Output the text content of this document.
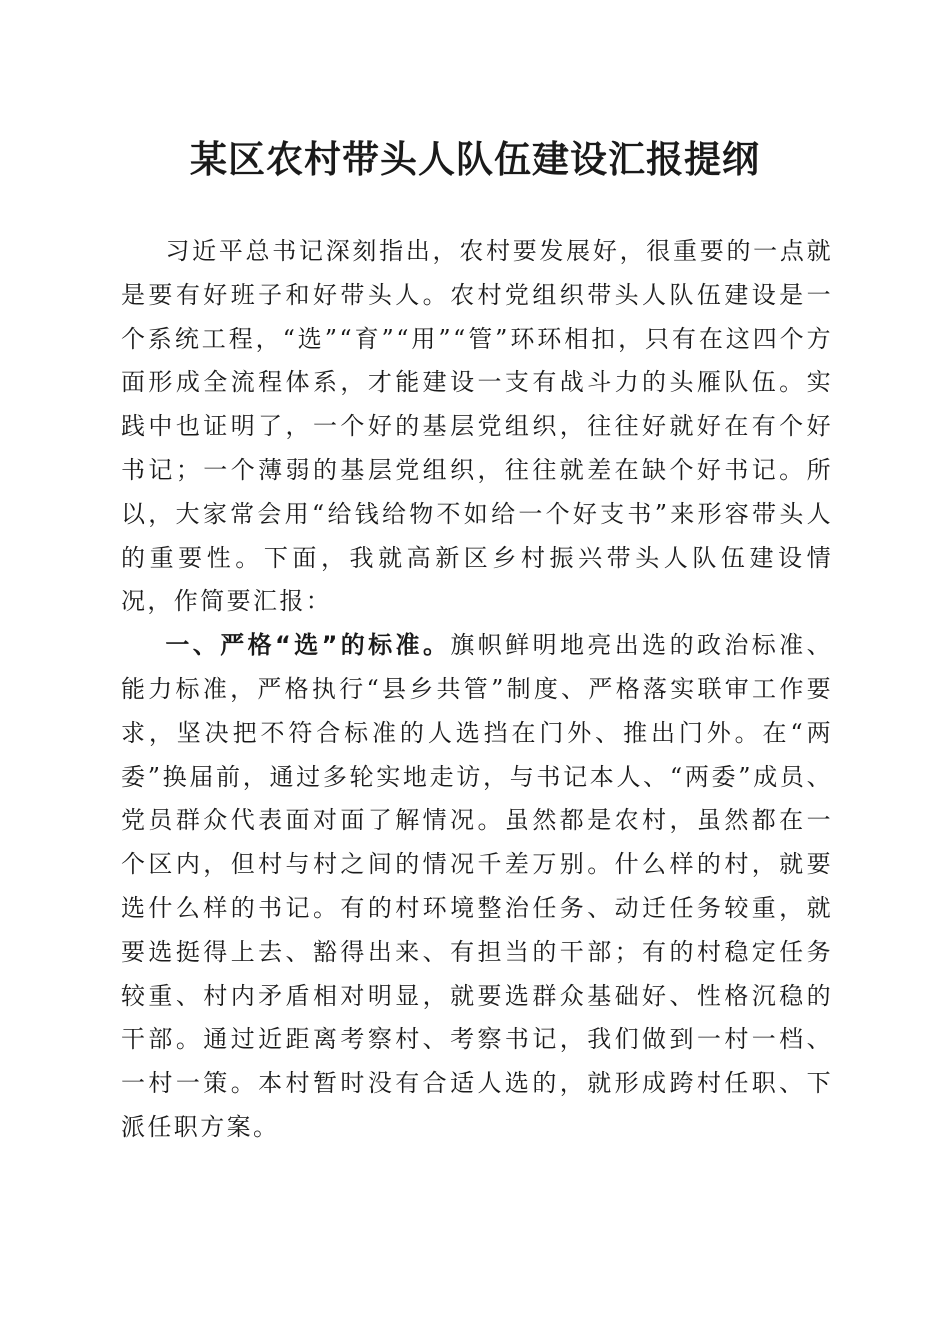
某区农村带头人队伍建设汇报提纲

习近平总书记深刻指出，农村要发展好，很重要的一点就是要有好班子和好带头人。农村党组织带头人队伍建设是一个系统工程，“选”“育”“用”“管”环环相扣，只有在这四个方面形成全流程体系，才能建设一支有战斗力的头雁队伍。实践中也证明了，一个好的基层党组织，往往好就好在有个好书记；一个薄弱的基层党组织，往往就差在缺个好书记。所以，大家常会用“给钱给物不如给一个好支书”来形容带头人的重要性。下面，我就高新区乡村振兴带头人队伍建设情况，作简要汇报：

一、严格“选”的标准。旗帜鲜明地亮出选的政治标准、能力标准，严格执行“县乡共管”制度、严格落实联审工作要求，坚决把不符合标准的人选挡在门外、推出门外。在“两委”换届前，通过多轮实地走访，与书记本人、“两委”成员、党员群众代表面对面了解情况。虽然都是农村，虽然都在一个区内，但村与村之间的情况千差万别。什么样的村，就要选什么样的书记。有的村环境整治任务、动迁任务较重，就要选挺得上去、豁得出来、有担当的干部；有的村稳定任务较重、村内矛盾相对明显，就要选群众基础好、性格沉稳的干部。通过近距离考察村、考察书记，我们做到一村一档、一村一策。本村暂时没有合适人选的，就形成跨村任职、下派任职方案。
